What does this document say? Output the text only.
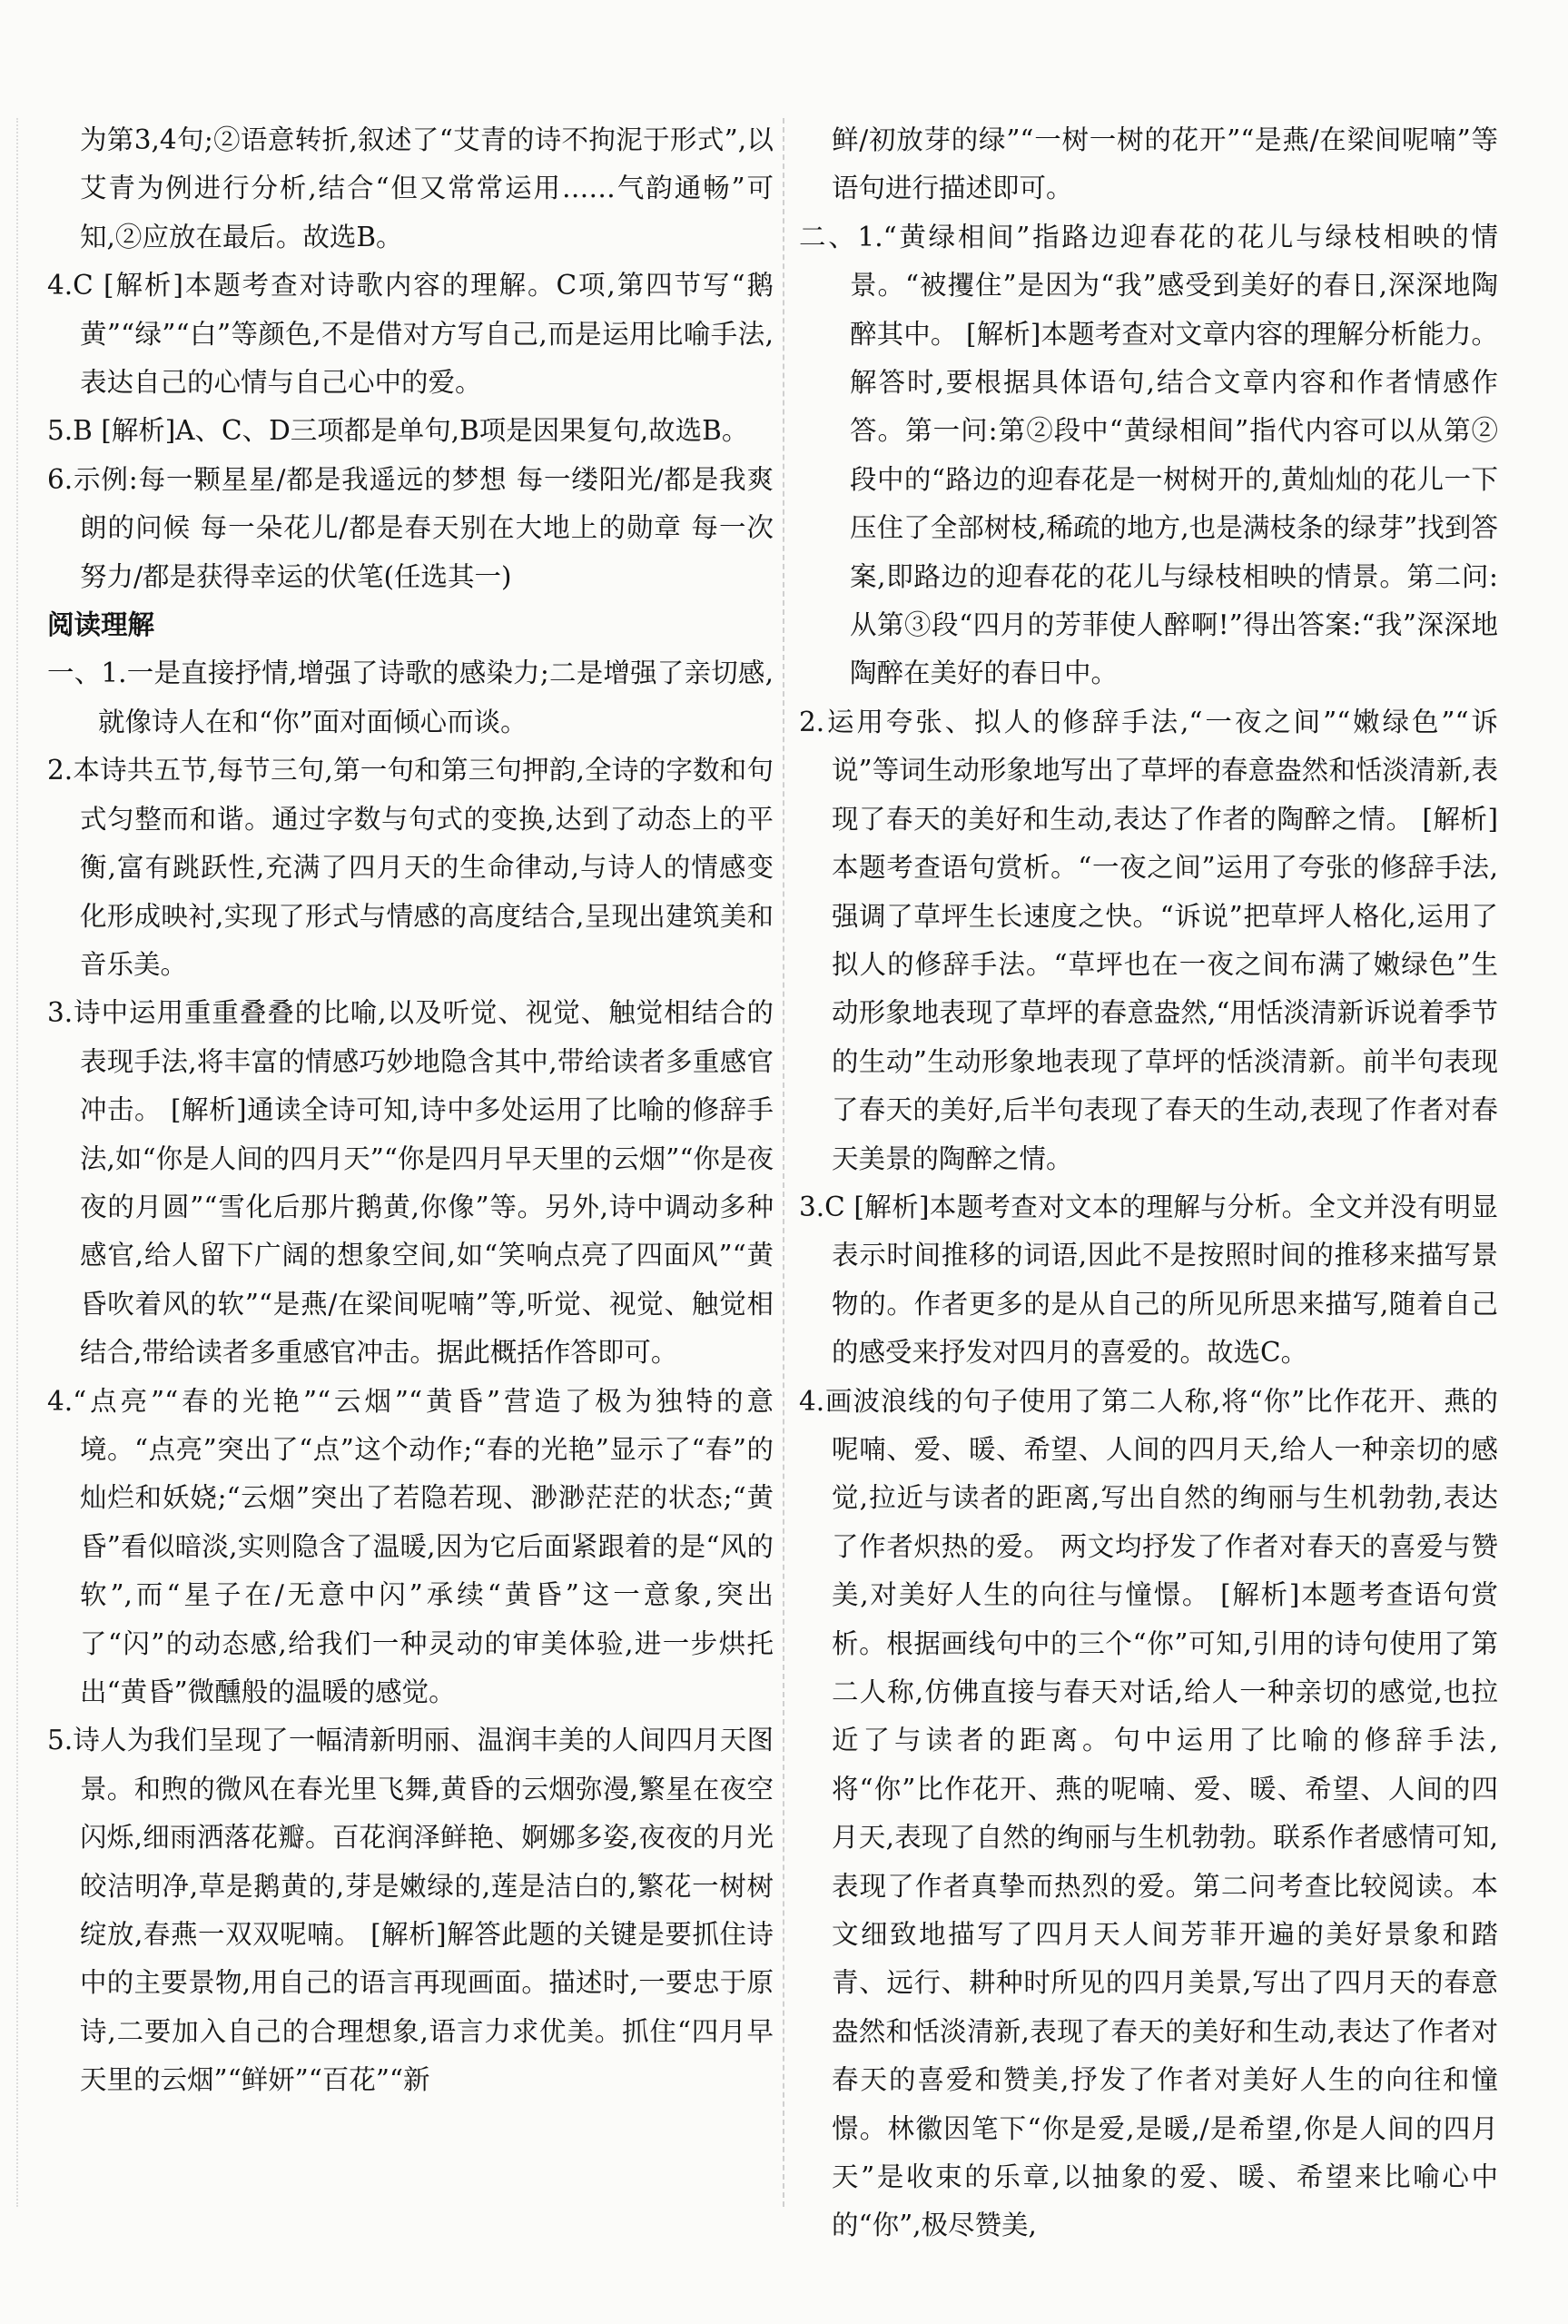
为第3,4句;②语意转折,叙述了“艾青的诗不拘泥于形式”,以艾青为例进行分析,结合“但又常常运用……气韵通畅”可知,②应放在最后。故选B。

4.C [解析]本题考查对诗歌内容的理解。C项,第四节写“鹅黄”“绿”“白”等颜色,不是借对方写自己,而是运用比喻手法,表达自己的心情与自己心中的爱。

5.B [解析]A、C、D三项都是单句,B项是因果复句,故选B。

6.示例:每一颗星星/都是我遥远的梦想 每一缕阳光/都是我爽朗的问候 每一朵花儿/都是春天别在大地上的勋章 每一次努力/都是获得幸运的伏笔(任选其一)

阅读理解

一、1.一是直接抒情,增强了诗歌的感染力;二是增强了亲切感,就像诗人在和“你”面对面倾心而谈。

2.本诗共五节,每节三句,第一句和第三句押韵,全诗的字数和句式匀整而和谐。通过字数与句式的变换,达到了动态上的平衡,富有跳跃性,充满了四月天的生命律动,与诗人的情感变化形成映衬,实现了形式与情感的高度结合,呈现出建筑美和音乐美。

3.诗中运用重重叠叠的比喻,以及听觉、视觉、触觉相结合的表现手法,将丰富的情感巧妙地隐含其中,带给读者多重感官冲击。 [解析]通读全诗可知,诗中多处运用了比喻的修辞手法,如“你是人间的四月天”“你是四月早天里的云烟”“你是夜夜的月圆”“雪化后那片鹅黄,你像”等。另外,诗中调动多种感官,给人留下广阔的想象空间,如“笑响点亮了四面风”“黄昏吹着风的软”“是燕/在梁间呢喃”等,听觉、视觉、触觉相结合,带给读者多重感官冲击。据此概括作答即可。

4.“点亮”“春的光艳”“云烟”“黄昏”营造了极为独特的意境。“点亮”突出了“点”这个动作;“春的光艳”显示了“春”的灿烂和妖娆;“云烟”突出了若隐若现、渺渺茫茫的状态;“黄昏”看似暗淡,实则隐含了温暖,因为它后面紧跟着的是“风的软”,而“星子在/无意中闪”承续“黄昏”这一意象,突出了“闪”的动态感,给我们一种灵动的审美体验,进一步烘托出“黄昏”微醺般的温暖的感觉。

5.诗人为我们呈现了一幅清新明丽、温润丰美的人间四月天图景。和煦的微风在春光里飞舞,黄昏的云烟弥漫,繁星在夜空闪烁,细雨洒落花瓣。百花润泽鲜艳、婀娜多姿,夜夜的月光皎洁明净,草是鹅黄的,芽是嫩绿的,莲是洁白的,繁花一树树绽放,春燕一双双呢喃。 [解析]解答此题的关键是要抓住诗中的主要景物,用自己的语言再现画面。描述时,一要忠于原诗,二要加入自己的合理想象,语言力求优美。抓住“四月早天里的云烟”“鲜妍”“百花”“新

鲜/初放芽的绿”“一树一树的花开”“是燕/在梁间呢喃”等语句进行描述即可。

二、1.“黄绿相间”指路边迎春花的花儿与绿枝相映的情景。“被攫住”是因为“我”感受到美好的春日,深深地陶醉其中。 [解析]本题考查对文章内容的理解分析能力。解答时,要根据具体语句,结合文章内容和作者情感作答。第一问:第②段中“黄绿相间”指代内容可以从第②段中的“路边的迎春花是一树树开的,黄灿灿的花儿一下压住了全部树枝,稀疏的地方,也是满枝条的绿芽”找到答案,即路边的迎春花的花儿与绿枝相映的情景。第二问:从第③段“四月的芳菲使人醉啊!”得出答案:“我”深深地陶醉在美好的春日中。

2.运用夸张、拟人的修辞手法,“一夜之间”“嫩绿色”“诉说”等词生动形象地写出了草坪的春意盎然和恬淡清新,表现了春天的美好和生动,表达了作者的陶醉之情。 [解析]本题考查语句赏析。“一夜之间”运用了夸张的修辞手法,强调了草坪生长速度之快。“诉说”把草坪人格化,运用了拟人的修辞手法。“草坪也在一夜之间布满了嫩绿色”生动形象地表现了草坪的春意盎然,“用恬淡清新诉说着季节的生动”生动形象地表现了草坪的恬淡清新。前半句表现了春天的美好,后半句表现了春天的生动,表现了作者对春天美景的陶醉之情。

3.C [解析]本题考查对文本的理解与分析。全文并没有明显表示时间推移的词语,因此不是按照时间的推移来描写景物的。作者更多的是从自己的所见所思来描写,随着自己的感受来抒发对四月的喜爱的。故选C。

4.画波浪线的句子使用了第二人称,将“你”比作花开、燕的呢喃、爱、暖、希望、人间的四月天,给人一种亲切的感觉,拉近与读者的距离,写出自然的绚丽与生机勃勃,表达了作者炽热的爱。 两文均抒发了作者对春天的喜爱与赞美,对美好人生的向往与憧憬。 [解析]本题考查语句赏析。根据画线句中的三个“你”可知,引用的诗句使用了第二人称,仿佛直接与春天对话,给人一种亲切的感觉,也拉近了与读者的距离。句中运用了比喻的修辞手法,将“你”比作花开、燕的呢喃、爱、暖、希望、人间的四月天,表现了自然的绚丽与生机勃勃。联系作者感情可知,表现了作者真挚而热烈的爱。第二问考查比较阅读。本文细致地描写了四月天人间芳菲开遍的美好景象和踏青、远行、耕种时所见的四月美景,写出了四月天的春意盎然和恬淡清新,表现了春天的美好和生动,表达了作者对春天的喜爱和赞美,抒发了作者对美好人生的向往和憧憬。林徽因笔下“你是爱,是暖,/是希望,你是人间的四月天”是收束的乐章,以抽象的爱、暖、希望来比喻心中的“你”,极尽赞美,
